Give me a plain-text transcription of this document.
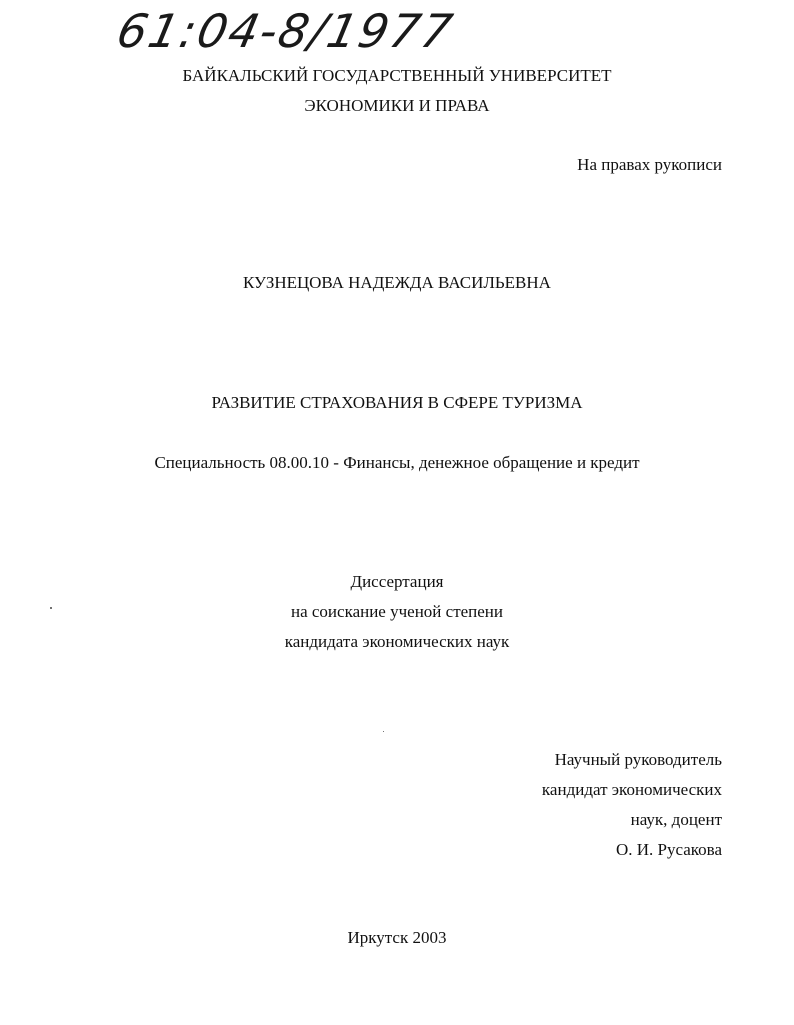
61:04-8/1977
БАЙКАЛЬСКИЙ ГОСУДАРСТВЕННЫЙ УНИВЕРСИТЕТ
ЭКОНОМИКИ И ПРАВА
На правах рукописи
КУЗНЕЦОВА НАДЕЖДА ВАСИЛЬЕВНА
РАЗВИТИЕ СТРАХОВАНИЯ В СФЕРЕ ТУРИЗМА
Специальность 08.00.10 - Финансы, денежное обращение и кредит
Диссертация
на соискание ученой степени
кандидата экономических наук
Научный руководитель
кандидат экономических
наук, доцент
О. И. Русакова
Иркутск 2003
